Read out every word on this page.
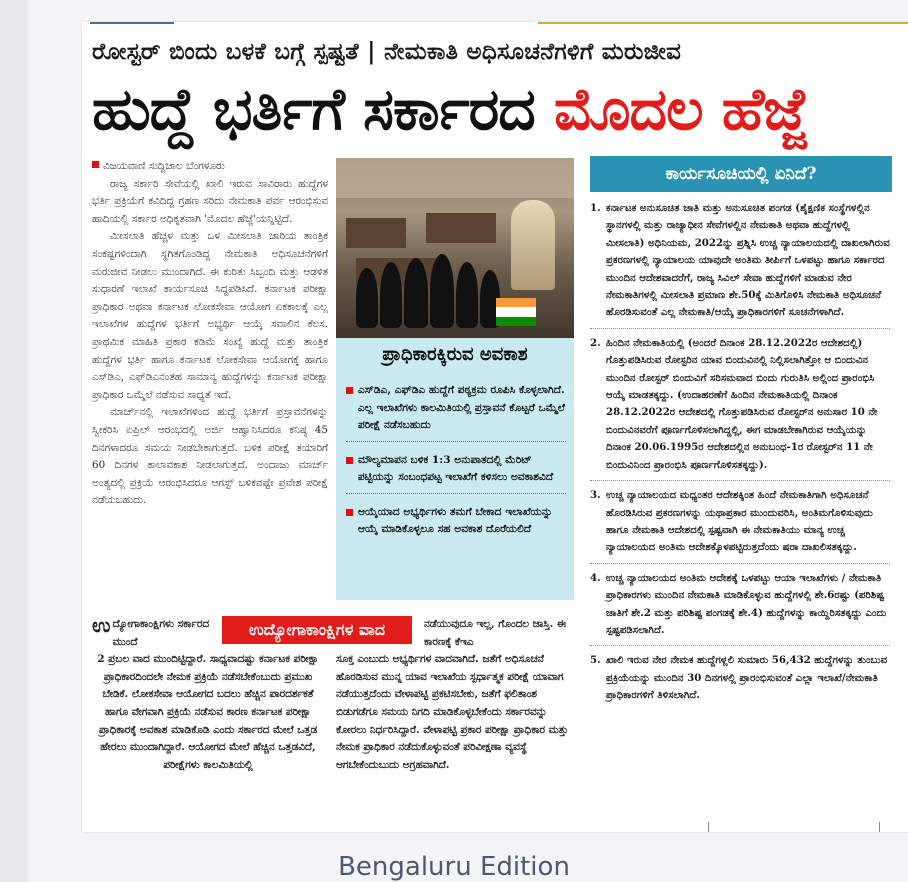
ರೋಸ್ಟರ್ ಬಿಂದು ಬಳಕೆ ಬಗ್ಗೆ ಸ್ಪಷ್ಟತೆ | ನೇಮಕಾತಿ ಅಧಿಸೂಚನೆಗಳಿಗೆ ಮರುಜೀವ
ಹುದ್ದೆ ಭರ್ತಿಗೆ ಸರ್ಕಾರದ ಮೊದಲ ಹೆಜ್ಜೆ

ವಿಜಯವಾಣಿ ಸುದ್ದಿಜಾಲ ಬೆಂಗಳೂರು

ರಾಜ್ಯ ಸರ್ಕಾರಿ ಸೇವೆಯಲ್ಲಿ ಖಾಲಿ ಇರುವ ಸಾವಿರಾರು ಹುದ್ದೆಗಳ ಭರ್ತಿ ಪ್ರಕ್ರಿಯೆಗೆ ಕವಿದಿದ್ದ ಗ್ರಹಣ ಸರಿದು ನೇಮಕಾತಿ ಪರ್ವ ಆರಂಭಿಸುವ ಹಾದಿಯಲ್ಲಿ ಸರ್ಕಾರ ಅಧಿಕೃತವಾಗಿ 'ಮೊದಲ ಹೆಜ್ಜೆ'ಯನ್ನಿಟ್ಟಿದೆ.

ಮೀಸಲಾತಿ ಹೆಚ್ಚಳ ಮತ್ತು ಒಳ ಮೀಸಲಾತಿ ಜಾರಿಯ ತಾಂತ್ರಿಕ ಸಂಕಷ್ಟಗಳಿಂದಾಗಿ ಸ್ಥಗಿತಗೊಂಡಿದ್ದ ನೇಮಕಾತಿ ಅಧಿಸೂಚನೆಗಳಿಗೆ ಮರುಜೀವ ನೀಡಲು ಮುಂದಾಗಿದೆ. ಈ ಕುರಿತು ಸಿಬ್ಬಂದಿ ಮತ್ತು ಆಡಳಿತ ಸುಧಾರಣೆ ಇಲಾಖೆ ಕಾರ್ಯಸೂಚಿ ಸಿದ್ಧಪಡಿಸಿದೆ. ಕರ್ನಾಟಕ ಪರೀಕ್ಷಾ ಪ್ರಾಧಿಕಾರ ಅಥವಾ ಕರ್ನಾಟಕ ಲೋಕಸೇವಾ ಆಯೋಗ ಏಕಕಾಲಕ್ಕೆ ಎಲ್ಲ ಇಲಾಖೆಗಳ ಹುದ್ದೆಗಳ ಭರ್ತಿಗೆ ಅಭ್ಯರ್ಥಿ ಆಯ್ಕೆ ಸವಾಲಿನ ಕೆಲಸ. ಪ್ರಾಥಮಿಕ ಮಾಹಿತಿ ಪ್ರಕಾರ ಕಡಿಮೆ ಸಂಖ್ಯೆ ಹುದ್ದೆ ಮತ್ತು ತಾಂತ್ರಿಕ ಹುದ್ದೆಗಳ ಭರ್ತಿ ಹಾಗೂ ಕರ್ನಾಟಕ ಲೋಕಸೇವಾ ಆಯೋಗಕ್ಕೆ ಹಾಗೂ ಎಸ್‌ಡಿಎ, ಎಫ್‌ಡಿಎನಂತಹ ಸಾಮಾನ್ಯ ಹುದ್ದೆಗಳನ್ನು ಕರ್ನಾಟಕ ಪರೀಕ್ಷಾ ಪ್ರಾಧಿಕಾರ ಒಮ್ಮೆಲೆ ನಡೆಸುವ ಸಾಧ್ಯತೆ ಇದೆ.

ಮಾರ್ಚ್‌ನಲ್ಲಿ ಇಲಾಖೆಗಳಿಂದ ಹುದ್ದೆ ಭರ್ತಿಗೆ ಪ್ರಸ್ತಾವನೆಗಳನ್ನು ಸ್ವೀಕರಿಸಿ ಏಪ್ರಿಲ್ ಆರಂಭದಲ್ಲಿ ಅರ್ಜಿ ಆಹ್ವಾನಿಸಿದರೂ ಕನಿಷ್ಠ 45 ದಿನಗಳಾದರೂ ಸಮಯ ನೀಡಬೇಕಾಗುತ್ತದೆ. ಬಳಿಕ ಪರೀಕ್ಷೆ ತಯಾರಿಗೆ 60 ದಿನಗಳ ಕಾಲಾವಕಾಶ ನೀಡಲಾಗುತ್ತದೆ. ಅಂದಾಜು ಮಾರ್ಚ್ ಅಂತ್ಯದಲ್ಲಿ ಪ್ರಕ್ರಿಯೆ ಆರಂಭಿಸಿದರೂ ಆಗಸ್ಟ್ ಬಳಿಕವಷ್ಟೇ ಪ್ರವೇಶ ಪರೀಕ್ಷೆ ನಡೆಯಬಹುದು.

ಪ್ರಾಧಿಕಾರಕ್ಕಿರುವ ಅವಕಾಶ
ಎಸ್‌ಡಿಎ, ಎಫ್‌ಡಿಎ ಹುದ್ದೆಗೆ ಪಠ್ಯಕ್ರಮ ರೂಪಿಸಿ ಕೊಳ್ಳಲಾಗಿದೆ. ಎಲ್ಲ ಇಲಾಖೆಗಳು ಕಾಲಮಿತಿಯಲ್ಲಿ ಪ್ರಸ್ತಾವನೆ ಕೊಟ್ಟರೆ ಒಮ್ಮೆಲೆ ಪರೀಕ್ಷೆ ನಡೆಸಬಹುದು
ಮೌಲ್ಯಮಾಪನ ಬಳಿಕ 1:3 ಅನುಪಾತದಲ್ಲಿ ಮೆರಿಟ್ ಪಟ್ಟಿಯನ್ನು ಸಂಬಂಧಪಟ್ಟ ಇಲಾಖೆಗೆ ಕಳಿಸಲು ಅವಕಾಶವಿದೆ
ಆಯ್ಕೆಯಾದ ಅಭ್ಯರ್ಥಿಗಳು ತಮಗೆ ಬೇಕಾದ ಇಲಾಖೆಯನ್ನು ಆಯ್ಕೆ ಮಾಡಿಕೊಳ್ಳಲೂ ಸಹ ಅವಕಾಶ ದೊರೆಯಲಿದೆ
ಕಾರ್ಯಸೂಚಿಯಲ್ಲಿ ಏನಿದೆ?
1. ಕರ್ನಾಟಕ ಅನುಸೂಚಿತ ಜಾತಿ ಮತ್ತು ಅನುಸೂಚಿತ ಪಂಗಡ (ಶೈಕ್ಷಣಿಕ ಸಂಸ್ಥೆಗಳಲ್ಲಿನ ಸ್ಥಾನಗಳಲ್ಲಿ ಮತ್ತು ರಾಜ್ಯಾಧೀನ ಸೇವೆಗಳಲ್ಲಿನ ನೇಮಕಾತಿ ಅಥವಾ ಹುದ್ದೆಗಳಲ್ಲಿ ಮೀಸಲಾತಿ) ಅಧಿನಿಯಮ, 2022ನ್ನು ಪ್ರಶ್ನಿಸಿ ಉಚ್ಚ ನ್ಯಾಯಾಲಯದಲ್ಲಿ ದಾಖಲಾಗಿರುವ ಪ್ರಕರಣಗಳಲ್ಲಿ ನ್ಯಾಯಾಲಯ ಯಾವುದೇ ಅಂತಿಮ ತೀರ್ಪಿಗೆ ಒಳಪಟ್ಟು ಹಾಗೂ ಸರ್ಕಾರದ ಮುಂದಿನ ಆದೇಶವಾದರೆಗೆ, ರಾಜ್ಯ ಸಿವಿಲ್ ಸೇವಾ ಹುದ್ದೆಗಳಿಗೆ ಮಾಡುವ ನೇರ ನೇಮಕಾತಿಗಳಲ್ಲಿ ಮೀಸಲಾತಿ ಪ್ರಮಾಣ ಶೇ.50ಕ್ಕೆ ಮಿತಿಗೊಳಿಸಿ ನೇಮಕಾತಿ ಅಧಿಸೂಚನೆ ಹೊರಡಿಸುವಂತೆ ಎಲ್ಲ ನೇಮಕಾತಿ/ಆಯ್ಕೆ ಪ್ರಾಧಿಕಾರಗಳಿಗೆ ಸೂಚನೆಗಳಾಗಿದೆ.
2. ಹಿಂದಿನ ನೇಮಕಾತಿಯಲ್ಲಿ (ಅಂದರೆ ದಿನಾಂಕ 28.12.2022ರ ಆದೇಶದಲ್ಲಿ) ಗೊತ್ತುಪಡಿಸಿರುವ ರೋಸ್ಟರಿನ ಯಾವ ಬಿಂದುವಿನಲ್ಲಿ ನಿಲ್ಲಿಸಲಾಗಿತ್ತೋ ಆ ಬಿಂದುವಿನ ಮುಂದಿನ ರೋಸ್ಟರ್ ಬಿಂದುವಿಗೆ ಸರಿಸಮವಾದ ಬಿಂದು ಗುರುತಿಸಿ ಅಲ್ಲಿಂದ ಪ್ರಾರಂಭಿಸಿ ಆಯ್ಕೆ ಮಾಡತಕ್ಕದ್ದು. (ಉದಾಹರಣೆಗೆ ಹಿಂದಿನ ನೇಮಕಾತಿಯಲ್ಲಿ ದಿನಾಂಕ 28.12.2022ರ ಆದೇಶದಲ್ಲಿ ಗೊತ್ತುಪಡಿಸಿರುವ ರೋಸ್ಟರ್‌ನ ಅನುಸಾರ 10 ನೇ ಬಿಂದುವಿನವರೆಗೆ ಪೂರ್ಣಗೊಳಿಸಲಾಗಿದ್ದಲ್ಲಿ, ಈಗ ಮಾಡಬೇಕಾಗಿರುವ ಆಯ್ಕೆಯನ್ನು ದಿನಾಂಕ 20.06.1995ರ ಆದೇಶದಲ್ಲಿನ ಅನುಬಂಧ-1ರ ರೋಸ್ಟರ್‌ನ 11 ನೇ ಬಿಂದುವಿನಿಂದ ಪ್ರಾರಂಭಿಸಿ ಪೂರ್ಣಗೊಳಿಸತಕ್ಕದ್ದು).
3. ಉಚ್ಚ ನ್ಯಾಯಾಲಯದ ಮಧ್ಯಂತರ ಆದೇಶಕ್ಕಿಂತ ಹಿಂದೆ ನೇಮಕಾತಿಗಾಗಿ ಅಧಿಸೂಚನೆ ಹೊರಡಿಸಿರುವ ಪ್ರಕರಣಗಳನ್ನು ಯಥಾಪ್ರಕಾರ ಮುಂದುವರಿಸಿ, ಅಂತಿಮಗೊಳಿಸುವುದು ಹಾಗೂ ನೇಮಕಾತಿ ಆದೇಶದಲ್ಲಿ ಸ್ಪಷ್ಟವಾಗಿ ಈ ನೇಮಕಾತಿಯು ಮಾನ್ಯ ಉಚ್ಚ ನ್ಯಾಯಾಲಯದ ಅಂತಿಮ ಆದೇಶಕ್ಕೊಳಪಟ್ಟಿರುತ್ತದೆಂದು ಷರಾ ದಾಖಲಿಸತಕ್ಕದ್ದು.
4. ಉಚ್ಚ ನ್ಯಾಯಾಲಯದ ಅಂತಿಮ ಆದೇಶಕ್ಕೆ ಒಳಪಟ್ಟು ಆಯಾ ಇಲಾಖೆಗಳು / ನೇಮಕಾತಿ ಪ್ರಾಧಿಕಾರಗಳು ಮುಂದಿನ ನೇಮಕಾತಿ ಮಾಡಿಕೊಳ್ಳುವ ಹುದ್ದೆಗಳಲ್ಲಿ ಶೇ.6ರಷ್ಟು (ಪರಿಶಿಷ್ಟ ಜಾತಿಗೆ ಶೇ.2 ಮತ್ತು ಪರಿಶಿಷ್ಟ ಪಂಗಡಕ್ಕೆ ಶೇ.4) ಹುದ್ದೆಗಳನ್ನು ಕಾಯ್ದಿರಿಸತಕ್ಕದ್ದು ಎಂದು ಸ್ಪಷ್ಟಪಡಿಸಲಾಗಿದೆ.
5. ಖಾಲಿ ಇರುವ ನೇರ ನೇಮಕ ಹುದ್ದೆಗಳ್ಲಲಿ ಸುಮಾರು 56,432 ಹುದ್ದೆಗಳನ್ನು ತುಂಬುವ ಪ್ರಕ್ರಿಯೆಯನ್ನು ಮುಂದಿನ 30 ದಿನಗಳಲ್ಲಿ ಪ್ರಾರಂಭಿಸುವಂತೆ ಎಲ್ಲಾ ಇಲಾಖೆ/ನೇಮಕಾತಿ ಪ್ರಾಧಿಕಾರಗಳಿಗೆ ತಿಳಿಸಲಾಗಿದೆ.
ಉದ್ಯೋಗಾಕಾಂಕ್ಷಿಗಳು ಸರ್ಕಾರದ ಮುಂದೆ
2 ಪ್ರಬಲ ವಾದ ಮುಂದಿಟ್ಟಿದ್ದಾರೆ. ಸಾಧ್ಯವಾದಷ್ಟು ಕರ್ನಾಟಕ ಪರೀಕ್ಷಾ ಪ್ರಾಧಿಕಾರದಿಂದಲೇ ನೇಮಕ ಪ್ರಕ್ರಿಯೆ ನಡೆಸಬೇಕೆಂಬುದು ಪ್ರಮುಖ ಬೇಡಿಕೆ. ಲೋಕಸೇವಾ ಆಯೋಗದ ಬದಲು ಹೆಚ್ಚಿನ ಪಾರದರ್ಶಕತೆ ಹಾಗೂ ವೇಗವಾಗಿ ಪ್ರಕ್ರಿಯೆ ನಡೆಸುವ ಕಾರಣ ಕರ್ನಾಟಕ ಪರೀಕ್ಷಾ ಪ್ರಾಧಿಕಾರಕ್ಕೆ ಅವಕಾಶ ಮಾಡಿಕೊಡಿ ಎಂದು ಸರ್ಕಾರದ ಮೇಲೆ ಒತ್ತಡ ಹೇರಲು ಮುಂದಾಗಿದ್ದಾರೆ. ಆಯೋಗದ ಮೇಲೆ ಹೆಚ್ಚಿನ ಒತ್ತಡವಿದೆ, ಪರೀಕ್ಷೆಗಳು ಕಾಲಮಿತಿಯಲ್ಲಿ
ಉದ್ಯೋಗಾಕಾಂಕ್ಷಿಗಳ ವಾದ	ನಡೆಯುವುದೂ ಇಲ್ಲ, ಗೊಂದಲ ಜಾಸ್ತಿ. ಈ ಕಾರಣಕ್ಕೆ ಕೆಇಎ
ಸೂಕ್ತ ಎಂಬುದು ಅಭ್ಯರ್ಥಿಗಳ ವಾದವಾಗಿದೆ. ಜತೆಗೆ ಅಧಿಸೂಚನೆ ಹೊರಡಿಸುವ ಮುನ್ನ ಯಾವ ಇಲಾಖೆಯ ಸ್ಪರ್ಧಾತ್ಮಕ ಪರೀಕ್ಷೆ ಯಾವಾಗ ನಡೆಯುತ್ತದೆಂದು ವೇಳಾಪಟ್ಟಿ ಪ್ರಕಟಿಸಬೇಕು, ಜತೆಗೆ ಫಲಿತಾಂಶ ಬಿಡುಗಡೆಗೂ ಸಮಯ ನಿಗದಿ ಮಾಡಿಕೊಳ್ಳಬೇಕೆಂದು ಸರ್ಕಾರವನ್ನು ಕೋರಲು ನಿರ್ಧರಿಸಿದ್ದಾರೆ. ವೇಳಾಪಟ್ಟಿ ಪ್ರಕಾರ ಪರೀಕ್ಷಾ ಪ್ರಾಧಿಕಾರ ಮತ್ತು ನೇಮಕ ಪ್ರಾಧಿಕಾರ ನಡೆದುಕೊಳ್ಳುವಂತೆ ಪರಿವೀಕ್ಷಣಾ ವ್ಯವಸ್ಥೆ ಆಗಬೇಕೆಂದುಬುದು ಅಗ್ರಹವಾಗಿದೆ.
Bengaluru Edition
